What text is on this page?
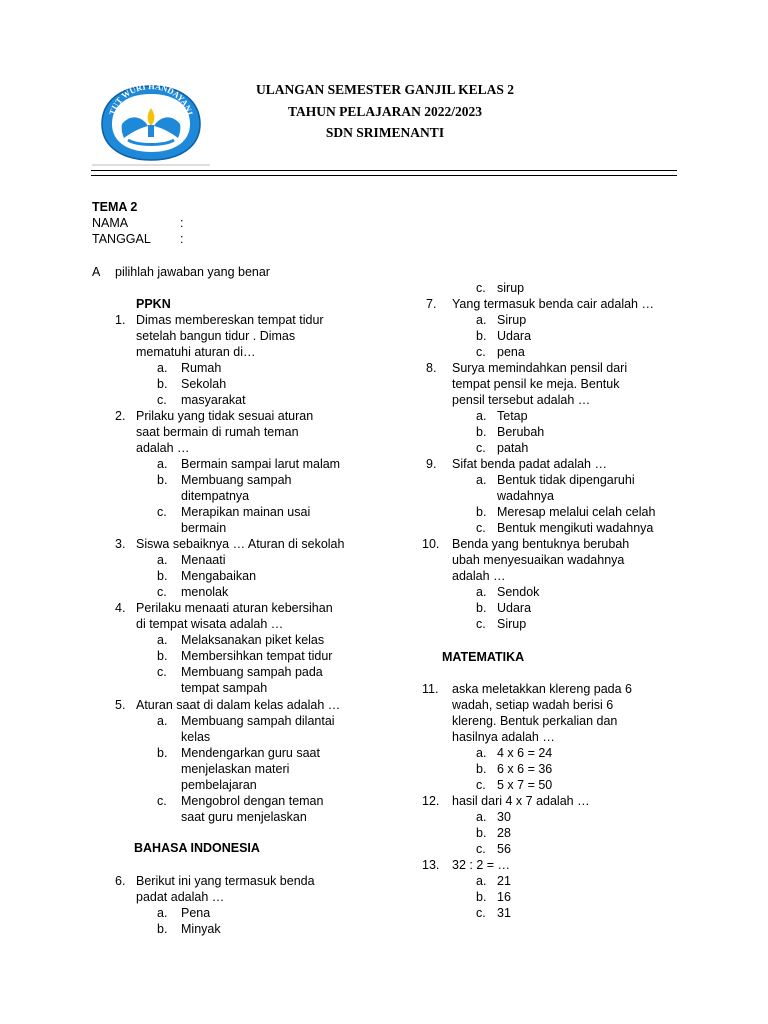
TUT WURI HANDAYANI
ULANGAN SEMESTER GANJIL KELAS 2
TAHUN PELAJARAN 2022/2023
SDN SRIMENANTI
TEMA 2
NAMA	:
TANGGAL :
A pilihlah jawaban yang benar
PPKN
BAHASA INDONESIA
MATEMATIKA
1. Dimas membereskan tempat tidur
setelah bangun tidur . Dimas
mematuhi aturan di…
a. Rumah
b. Sekolah
c. masyarakat
2. Prilaku yang tidak sesuai aturan
saat bermain di rumah teman
adalah …
a. Bermain sampai larut malam
b. Membuang sampah
ditempatnya
c. Merapikan mainan usai
bermain
3. Siswa sebaiknya … Aturan di sekolah
a. Menaati
b. Mengabaikan
c. menolak
4. Perilaku menaati aturan kebersihan
di tempat wisata adalah …
a. Melaksanakan piket kelas
b. Membersihkan tempat tidur
c. Membuang sampah pada
tempat sampah
5. Aturan saat di dalam kelas adalah …
a. Membuang sampah dilantai
kelas
b. Mendengarkan guru saat
menjelaskan materi
pembelajaran
c. Mengobrol dengan teman
saat guru menjelaskan
6. Berikut ini yang termasuk benda
padat adalah …
a. Pena
b. Minyak
c. sirup
7. Yang termasuk benda cair adalah …
a. Sirup
b. Udara
c. pena
8. Surya memindahkan pensil dari
tempat pensil ke meja. Bentuk
pensil tersebut adalah …
a. Tetap
b. Berubah
c. patah
9. Sifat benda padat adalah …
a. Bentuk tidak dipengaruhi
wadahnya
b. Meresap melalui celah celah
c. Bentuk mengikuti wadahnya
10. Benda yang bentuknya berubah
ubah menyesuaikan wadahnya
adalah …
a. Sendok
b. Udara
c. Sirup
11. aska meletakkan klereng pada 6
wadah, setiap wadah berisi 6
klereng. Bentuk perkalian dan
hasilnya adalah …
a. 4 x 6 = 24
b. 6 x 6 = 36
c. 5 x 7 = 50
12. hasil dari 4 x 7 adalah …
a. 30
b. 28
c. 56
13. 32 : 2 = …
a. 21
b. 16
c. 31
